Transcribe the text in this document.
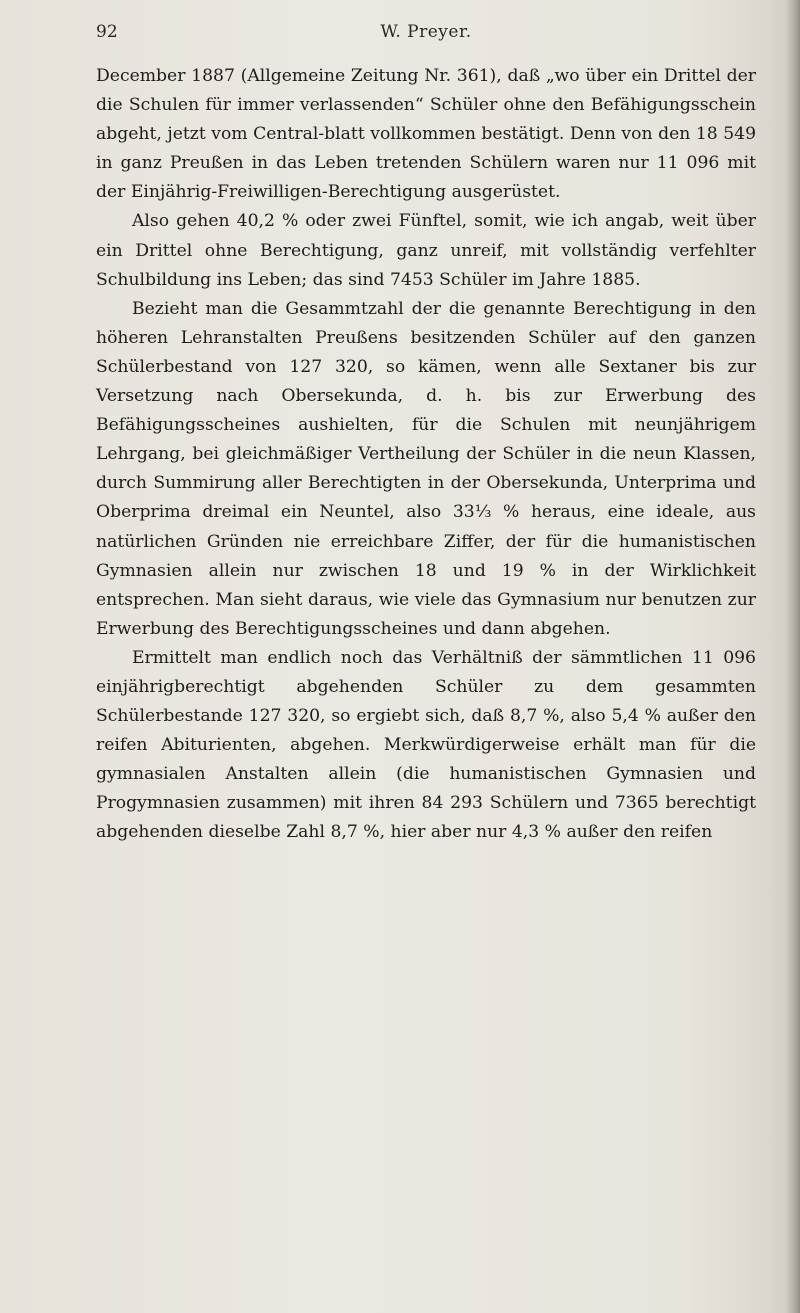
92	W. Preyer.

December 1887 (Allgemeine Zeitung Nr. 361), daß „wo über ein Drittel der die Schulen für immer verlassenden“ Schüler ohne den Befähigungsschein abgeht, jetzt vom Central-blatt vollkommen bestätigt. Denn von den 18 549 in ganz Preußen in das Leben tretenden Schülern waren nur 11 096 mit der Einjährig-Freiwilligen-Berechtigung ausgerüstet.

Also gehen 40,2 % oder zwei Fünftel, somit, wie ich angab, weit über ein Drittel ohne Berechtigung, ganz unreif, mit vollständig verfehlter Schulbildung ins Leben; das sind 7453 Schüler im Jahre 1885.

Bezieht man die Gesammtzahl der die genannte Berechtigung in den höheren Lehranstalten Preußens besitzenden Schüler auf den ganzen Schülerbestand von 127 320, so kämen, wenn alle Sextaner bis zur Versetzung nach Obersekunda, d. h. bis zur Erwerbung des Befähigungsscheines aushielten, für die Schulen mit neunjährigem Lehrgang, bei gleichmäßiger Vertheilung der Schüler in die neun Klassen, durch Summirung aller Berechtigten in der Obersekunda, Unterprima und Oberprima dreimal ein Neuntel, also 33⅓ % heraus, eine ideale, aus natürlichen Gründen nie erreichbare Ziffer, der für die humanistischen Gymnasien allein nur zwischen 18 und 19 % in der Wirklichkeit entsprechen. Man sieht daraus, wie viele das Gymnasium nur benutzen zur Erwerbung des Berechtigungsscheines und dann abgehen.

Ermittelt man endlich noch das Verhältniß der sämmtlichen 11 096 einjährigberechtigt abgehenden Schüler zu dem gesammten Schülerbestande 127 320, so ergiebt sich, daß 8,7 %, also 5,4 % außer den reifen Abiturienten, abgehen. Merkwürdigerweise erhält man für die gymnasialen Anstalten allein (die humanistischen Gymnasien und Progymnasien zusammen) mit ihren 84 293 Schülern und 7365 berechtigt abgehenden dieselbe Zahl 8,7 %, hier aber nur 4,3 % außer den reifen
